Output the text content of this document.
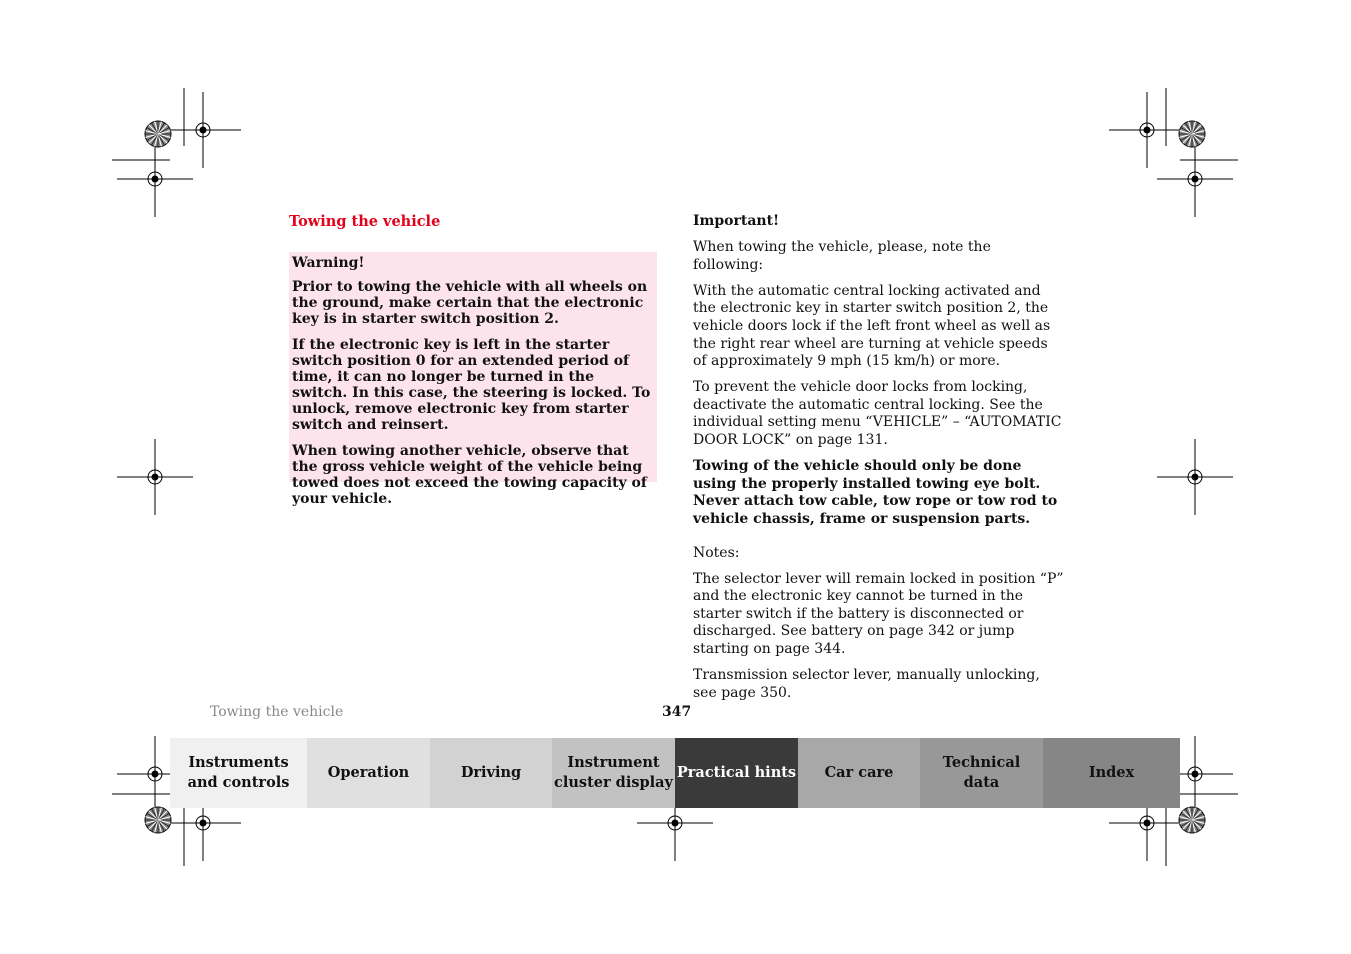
Towing the vehicle

Warning!

Prior to towing the vehicle with all wheels on the ground, make certain that the electronic key is in starter switch position 2.

If the electronic key is left in the starter switch position 0 for an extended period of time, it can no longer be turned in the switch. In this case, the steering is locked. To unlock, remove electronic key from starter switch and reinsert.

When towing another vehicle, observe that the gross vehicle weight of the vehicle being towed does not exceed the towing capacity of your vehicle.

Important!

When towing the vehicle, please, note the following:

With the automatic central locking activated and the electronic key in starter switch position 2, the vehicle doors lock if the left front wheel as well as the right rear wheel are turning at vehicle speeds of approximately 9 mph (15 km/h) or more.

To prevent the vehicle door locks from locking, deactivate the automatic central locking. See the individual setting menu “VEHICLE” – “AUTOMATIC DOOR LOCK” on page 131.

Towing of the vehicle should only be done using the properly installed towing eye bolt. Never attach tow cable, tow rope or tow rod to vehicle chassis, frame or suspension parts.

Notes:

The selector lever will remain locked in position “P” and the electronic key cannot be turned in the starter switch if the battery is disconnected or discharged. See battery on page 342 or jump starting on page 344.

Transmission selector lever, manually unlocking, see page 350.

Towing the vehicle	347
Instruments
and controls
Operation	Driving
Instrument
cluster display
Practical hints Car care
Technical
data
Index
